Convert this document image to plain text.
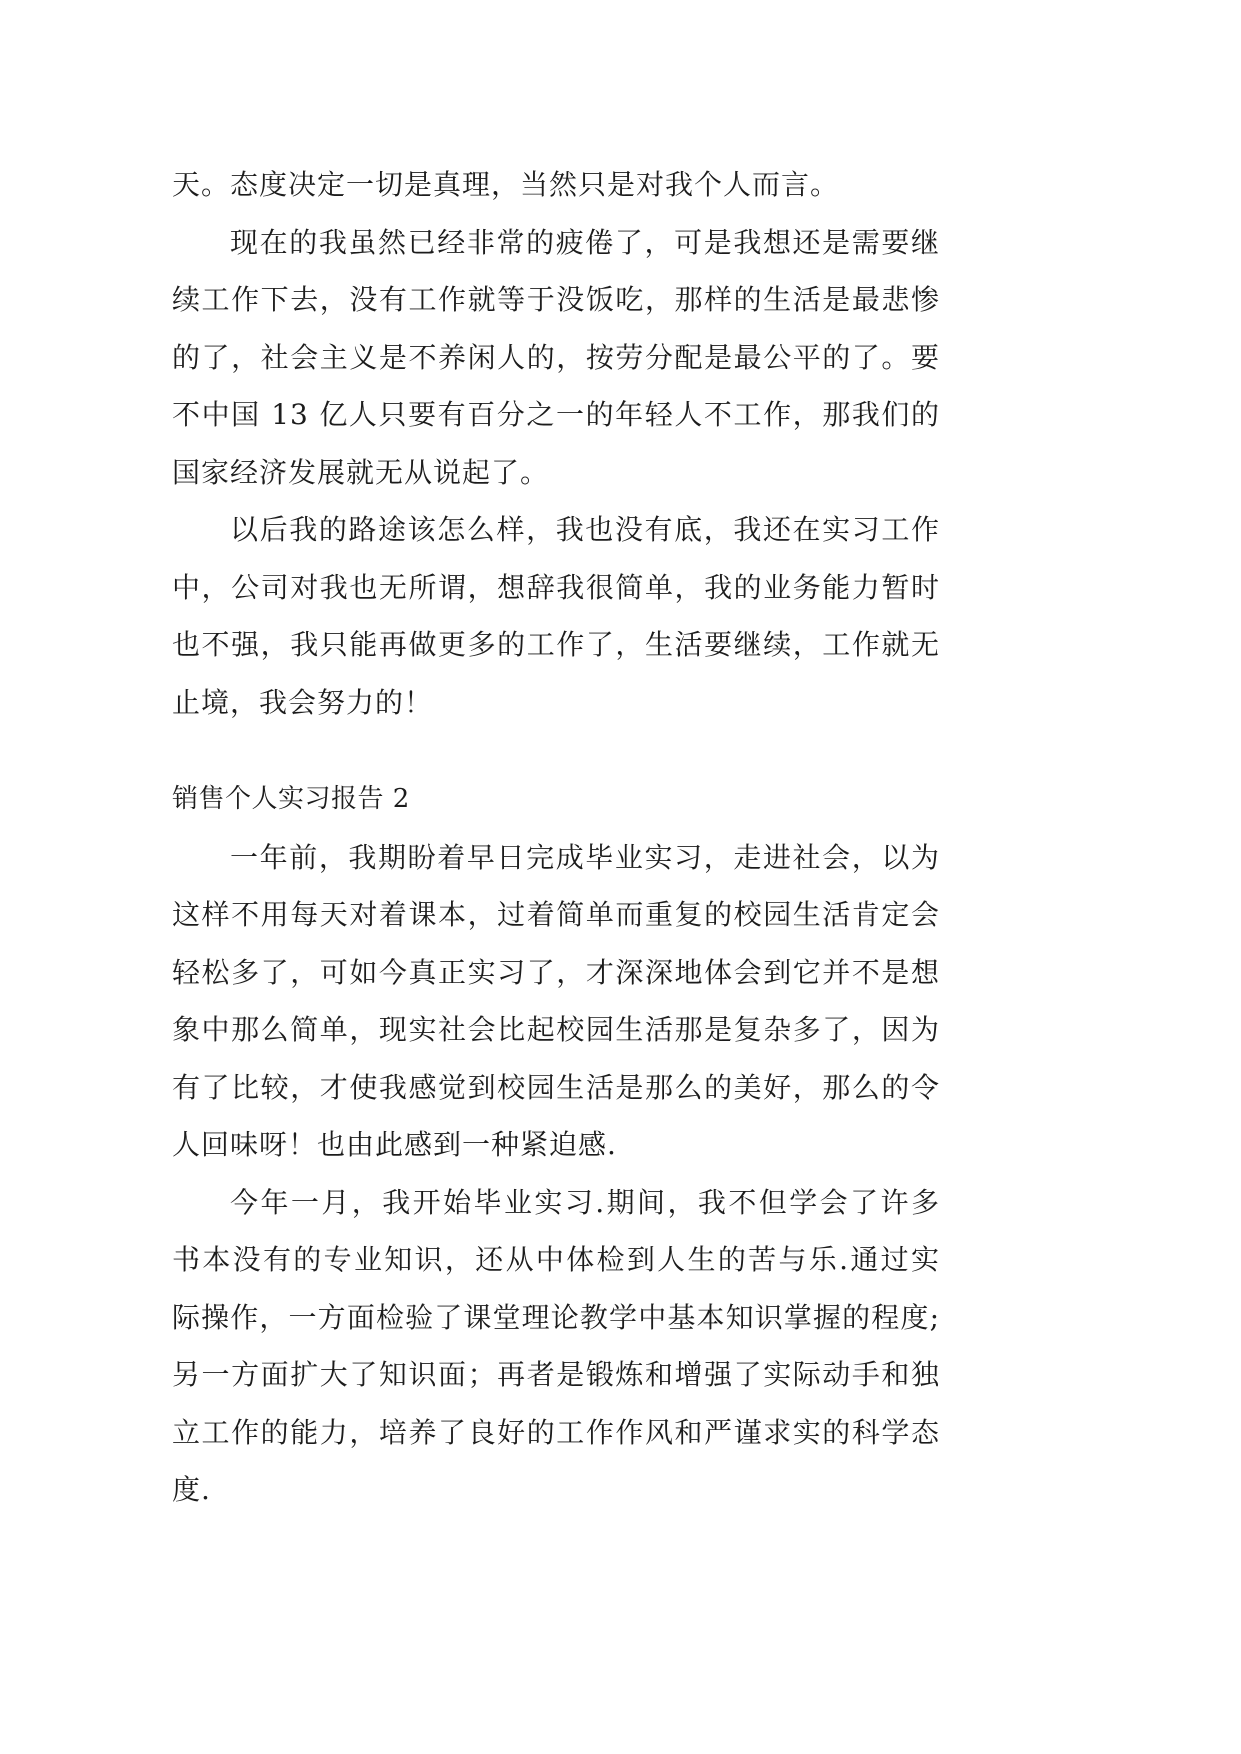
天。态度决定一切是真理，当然只是对我个人而言。
现在的我虽然已经非常的疲倦了，可是我想还是需要继
续工作下去，没有工作就等于没饭吃，那样的生活是最悲惨
的了，社会主义是不养闲人的，按劳分配是最公平的了。要
不中国 13 亿人只要有百分之一的年轻人不工作，那我们的
国家经济发展就无从说起了。
以后我的路途该怎么样，我也没有底，我还在实习工作
中，公司对我也无所谓，想辞我很简单，我的业务能力暂时
也不强，我只能再做更多的工作了，生活要继续，工作就无
止境，我会努力的！
销售个人实习报告 2
一年前，我期盼着早日完成毕业实习，走进社会，以为
这样不用每天对着课本，过着简单而重复的校园生活肯定会
轻松多了，可如今真正实习了，才深深地体会到它并不是想
象中那么简单，现实社会比起校园生活那是复杂多了，因为
有了比较，才使我感觉到校园生活是那么的美好，那么的令
人回味呀！也由此感到一种紧迫感.
今年一月，我开始毕业实习.期间，我不但学会了许多
书本没有的专业知识，还从中体检到人生的苦与乐.通过实
际操作，一方面检验了课堂理论教学中基本知识掌握的程度;
另一方面扩大了知识面；再者是锻炼和增强了实际动手和独
立工作的能力，培养了良好的工作作风和严谨求实的科学态
度.
